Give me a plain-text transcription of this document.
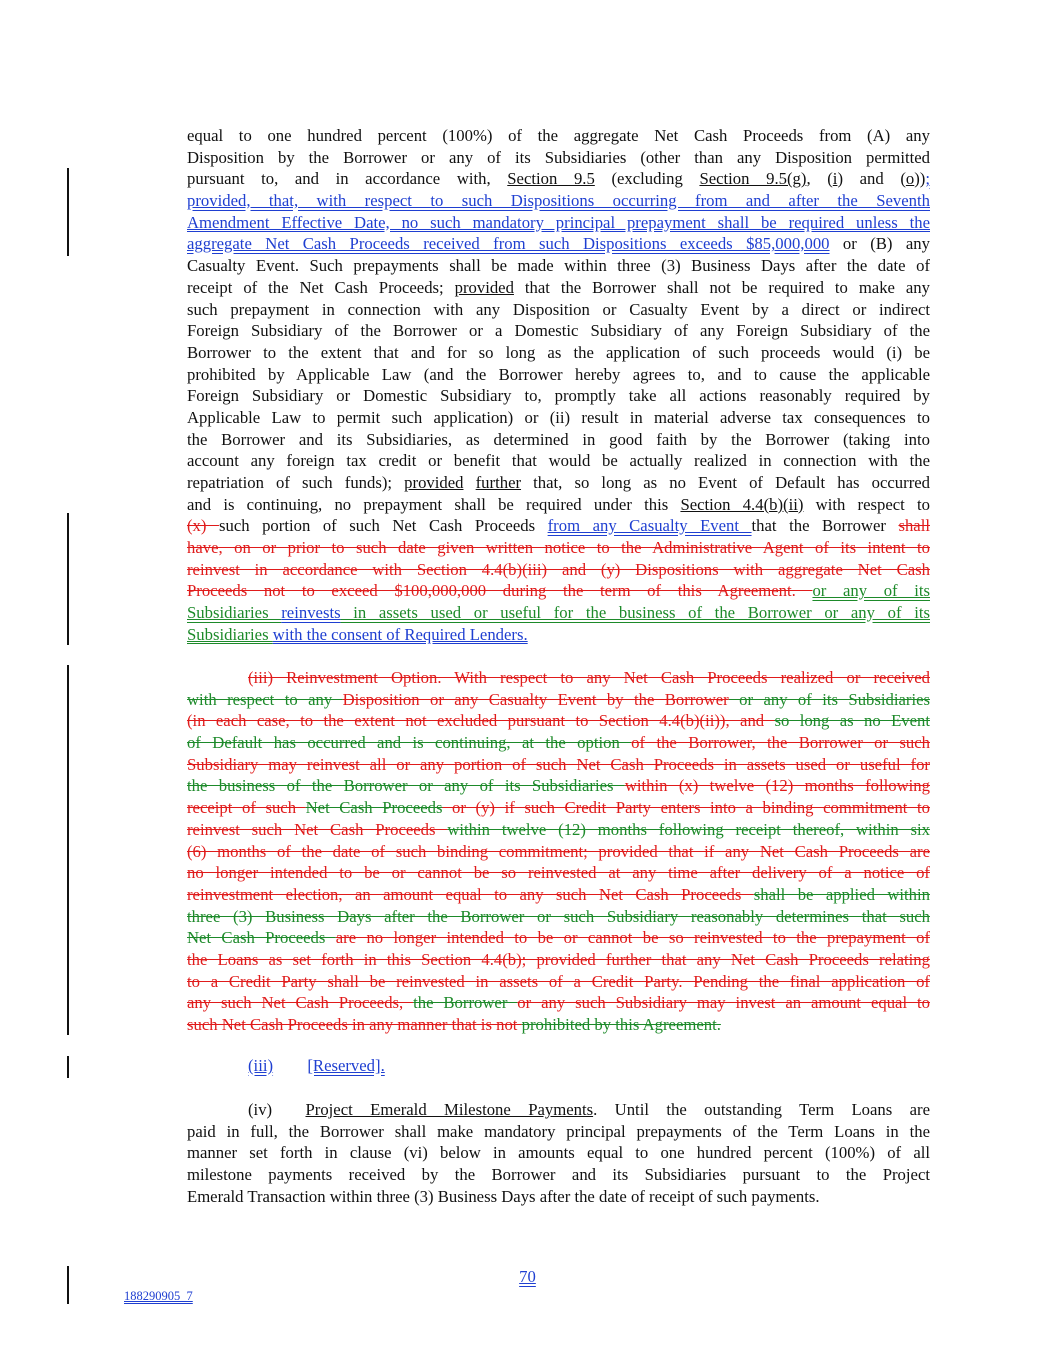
equal to one hundred percent (100%) of the aggregate Net Cash Proceeds from (A) any
Disposition by the Borrower or any of its Subsidiaries (other than any Disposition permitted
pursuant to, and in accordance with, Section 9.5 (excluding Section 9.5(g), (i) and (o));
provided, that, with respect to such Dispositions occurring from and after the Seventh
Amendment Effective Date, no such mandatory principal prepayment shall be required unless the
aggregate Net Cash Proceeds received from such Dispositions exceeds $85,000,000 or (B) any
Casualty Event. Such prepayments shall be made within three (3) Business Days after the date of
receipt of the Net Cash Proceeds; provided that the Borrower shall not be required to make any
such prepayment in connection with any Disposition or Casualty Event by a direct or indirect
Foreign Subsidiary of the Borrower or a Domestic Subsidiary of any Foreign Subsidiary of the
Borrower to the extent that and for so long as the application of such proceeds would (i) be
prohibited by Applicable Law (and the Borrower hereby agrees to, and to cause the applicable
Foreign Subsidiary or Domestic Subsidiary to, promptly take all actions reasonably required by
Applicable Law to permit such application) or (ii) result in material adverse tax consequences to
the Borrower and its Subsidiaries, as determined in good faith by the Borrower (taking into
account any foreign tax credit or benefit that would be actually realized in connection with the
repatriation of such funds); provided further that, so long as no Event of Default has occurred
and is continuing, no prepayment shall be required under this Section 4.4(b)(ii) with respect to
(x) such portion of such Net Cash Proceeds from any Casualty Event that the Borrower shall
have, on or prior to such date given written notice to the Administrative Agent of its intent to
reinvest in accordance with Section 4.4(b)(iii) and (y) Dispositions with aggregate Net Cash
Proceeds not to exceed $100,000,000 during the term of this Agreement. or any of its
Subsidiaries reinvests in assets used or useful for the business of the Borrower or any of its
Subsidiaries with the consent of Required Lenders.
(iii) Reinvestment Option. With respect to any Net Cash Proceeds realized or received
with respect to any Disposition or any Casualty Event by the Borrower or any of its Subsidiaries
(in each case, to the extent not excluded pursuant to Section 4.4(b)(ii)), and so long as no Event
of Default has occurred and is continuing, at the option of the Borrower, the Borrower or such
Subsidiary may reinvest all or any portion of such Net Cash Proceeds in assets used or useful for
the business of the Borrower or any of its Subsidiaries within (x) twelve (12) months following
receipt of such Net Cash Proceeds or (y) if such Credit Party enters into a binding commitment to
reinvest such Net Cash Proceeds within twelve (12) months following receipt thereof, within six
(6) months of the date of such binding commitment; provided that if any Net Cash Proceeds are
no longer intended to be or cannot be so reinvested at any time after delivery of a notice of
reinvestment election, an amount equal to any such Net Cash Proceeds shall be applied within
three (3) Business Days after the Borrower or such Subsidiary reasonably determines that such
Net Cash Proceeds are no longer intended to be or cannot be so reinvested to the prepayment of
the Loans as set forth in this Section 4.4(b); provided further that any Net Cash Proceeds relating
to a Credit Party shall be reinvested in assets of a Credit Party. Pending the final application of
any such Net Cash Proceeds, the Borrower or any such Subsidiary may invest an amount equal to
such Net Cash Proceeds in any manner that is not prohibited by this Agreement.
(iii) [Reserved].
(iv)  Project Emerald Milestone Payments. Until the outstanding Term Loans are
paid in full, the Borrower shall make mandatory principal prepayments of the Term Loans in the
manner set forth in clause (vi) below in amounts equal to one hundred percent (100%) of all
milestone payments received by the Borrower and its Subsidiaries pursuant to the Project
Emerald Transaction within three (3) Business Days after the date of receipt of such payments.
70
188290905_7
